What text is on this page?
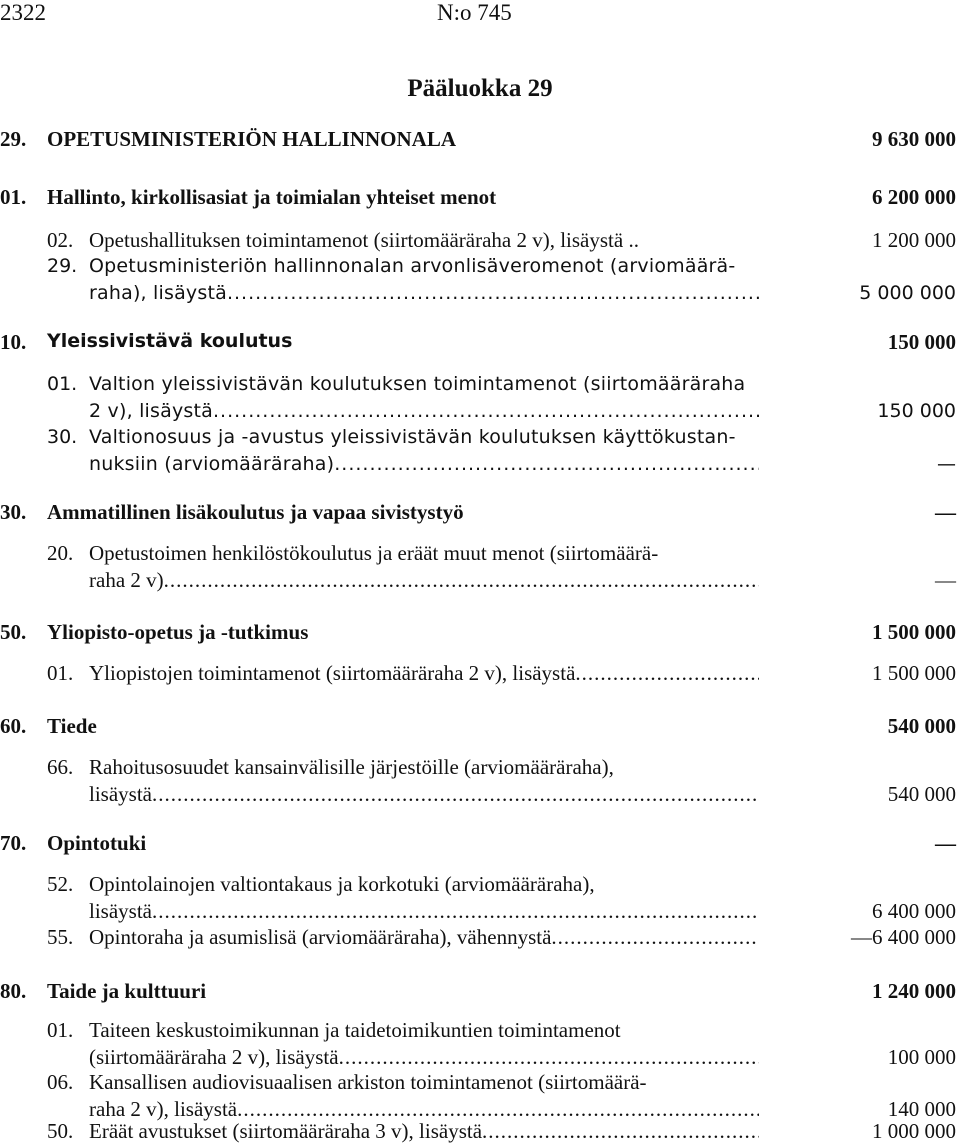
2322	N:o 745
Pääluokka 29
29. OPETUSMINISTERIÖN HALLINNONALA	9 630 000
01. Hallinto, kirkollisasiat ja toimialan yhteiset menot	6 200 000
02. Opetushallituksen toimintamenot (siirtomääräraha 2 v), lisäystä ..	1 200 000
29. Opetusministeriön hallinnonalan arvonlisäveromenot (arviomäärä-
raha), lisäystä .....	5 000 000
10. Yleissivistävä koulutus	150 000
01. Valtion yleissivistävän koulutuksen toimintamenot (siirtomääräraha
2 v), lisäystä .....	150 000
30. Valtionosuus ja -avustus yleissivistävän koulutuksen käyttökustan-
nuksiin (arviomääräraha) .....	—
30. Ammatillinen lisäkoulutus ja vapaa sivistystyö	—
20. Opetustoimen henkilöstökoulutus ja eräät muut menot (siirtomäärä-
raha 2 v) .....	—
50. Yliopisto-opetus ja -tutkimus	1 500 000
01. Yliopistojen toimintamenot (siirtomääräraha 2 v), lisäystä .....	1 500 000
60. Tiede	540 000
66. Rahoitusosuudet kansainvälisille järjestöille (arviomääräraha),
lisäystä .....	540 000
70. Opintotuki	—
52. Opintolainojen valtiontakaus ja korkotuki (arviomääräraha),
lisäystä .....	6 400 000
55. Opintoraha ja asumislisä (arviomääräraha), vähennystä .....	—6 400 000
80. Taide ja kulttuuri	1 240 000
01. Taiteen keskustoimikunnan ja taidetoimikuntien toimintamenot
(siirtomääräraha 2 v), lisäystä .....	100 000
06. Kansallisen audiovisuaalisen arkiston toimintamenot (siirtomäärä-
raha 2 v), lisäystä .....	140 000
50. Eräät avustukset (siirtomääräraha 3 v), lisäystä .....	1 000 000
